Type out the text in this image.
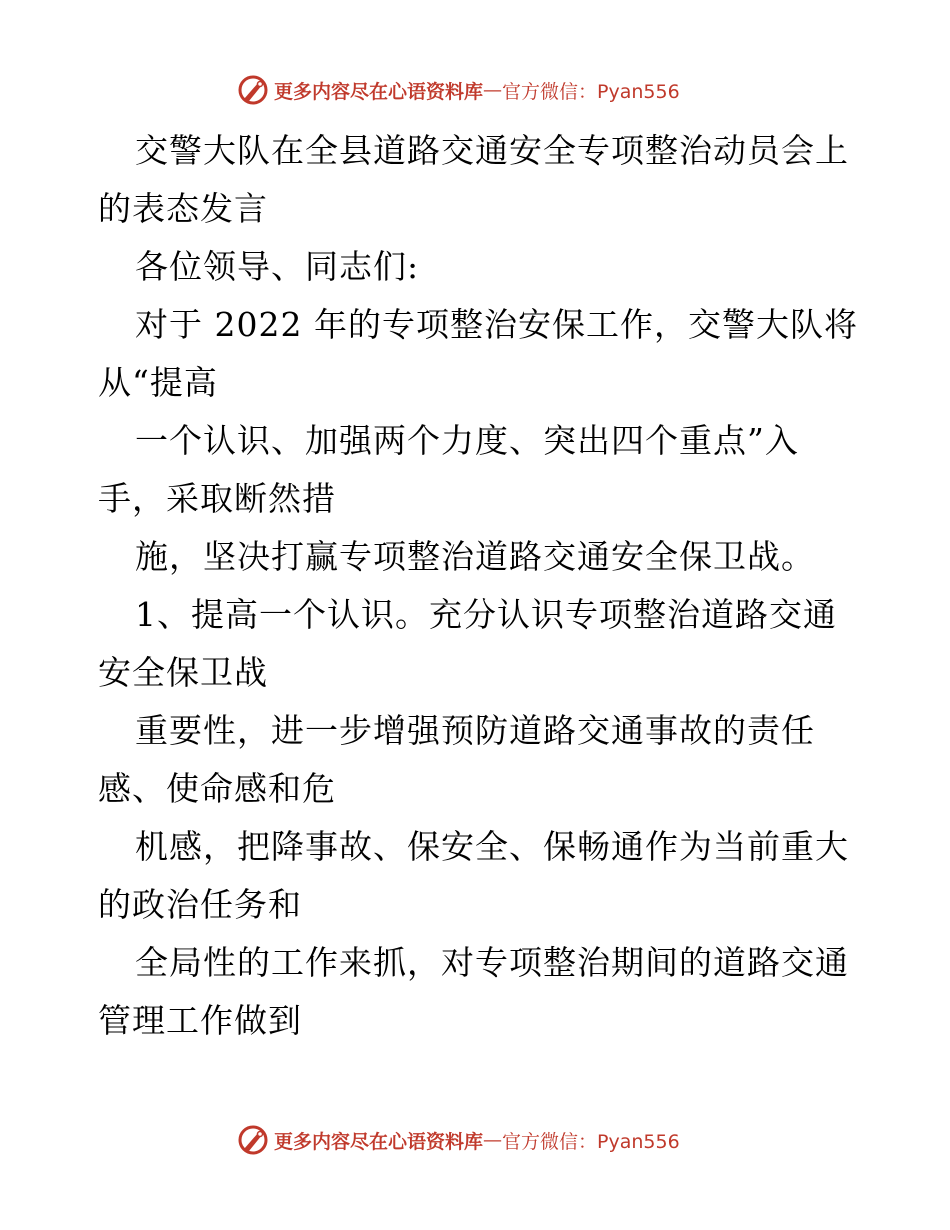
更多内容尽在心语资料库 — 官方微信：Pyan556
交警大队在全县道路交通安全专项整治动员会上
的表态发言
各位领导、同志们:
对于 2022 年的专项整治安保工作，交警大队将
从“提高
一个认识、加强两个力度、突出四个重点”入
手，采取断然措
施，坚决打赢专项整治道路交通安全保卫战。
1、提高一个认识。充分认识专项整治道路交通
安全保卫战
重要性，进一步增强预防道路交通事故的责任
感、使命感和危
机感，把降事故、保安全、保畅通作为当前重大
的政治任务和
全局性的工作来抓，对专项整治期间的道路交通
管理工作做到
更多内容尽在心语资料库 — 官方微信：Pyan556
